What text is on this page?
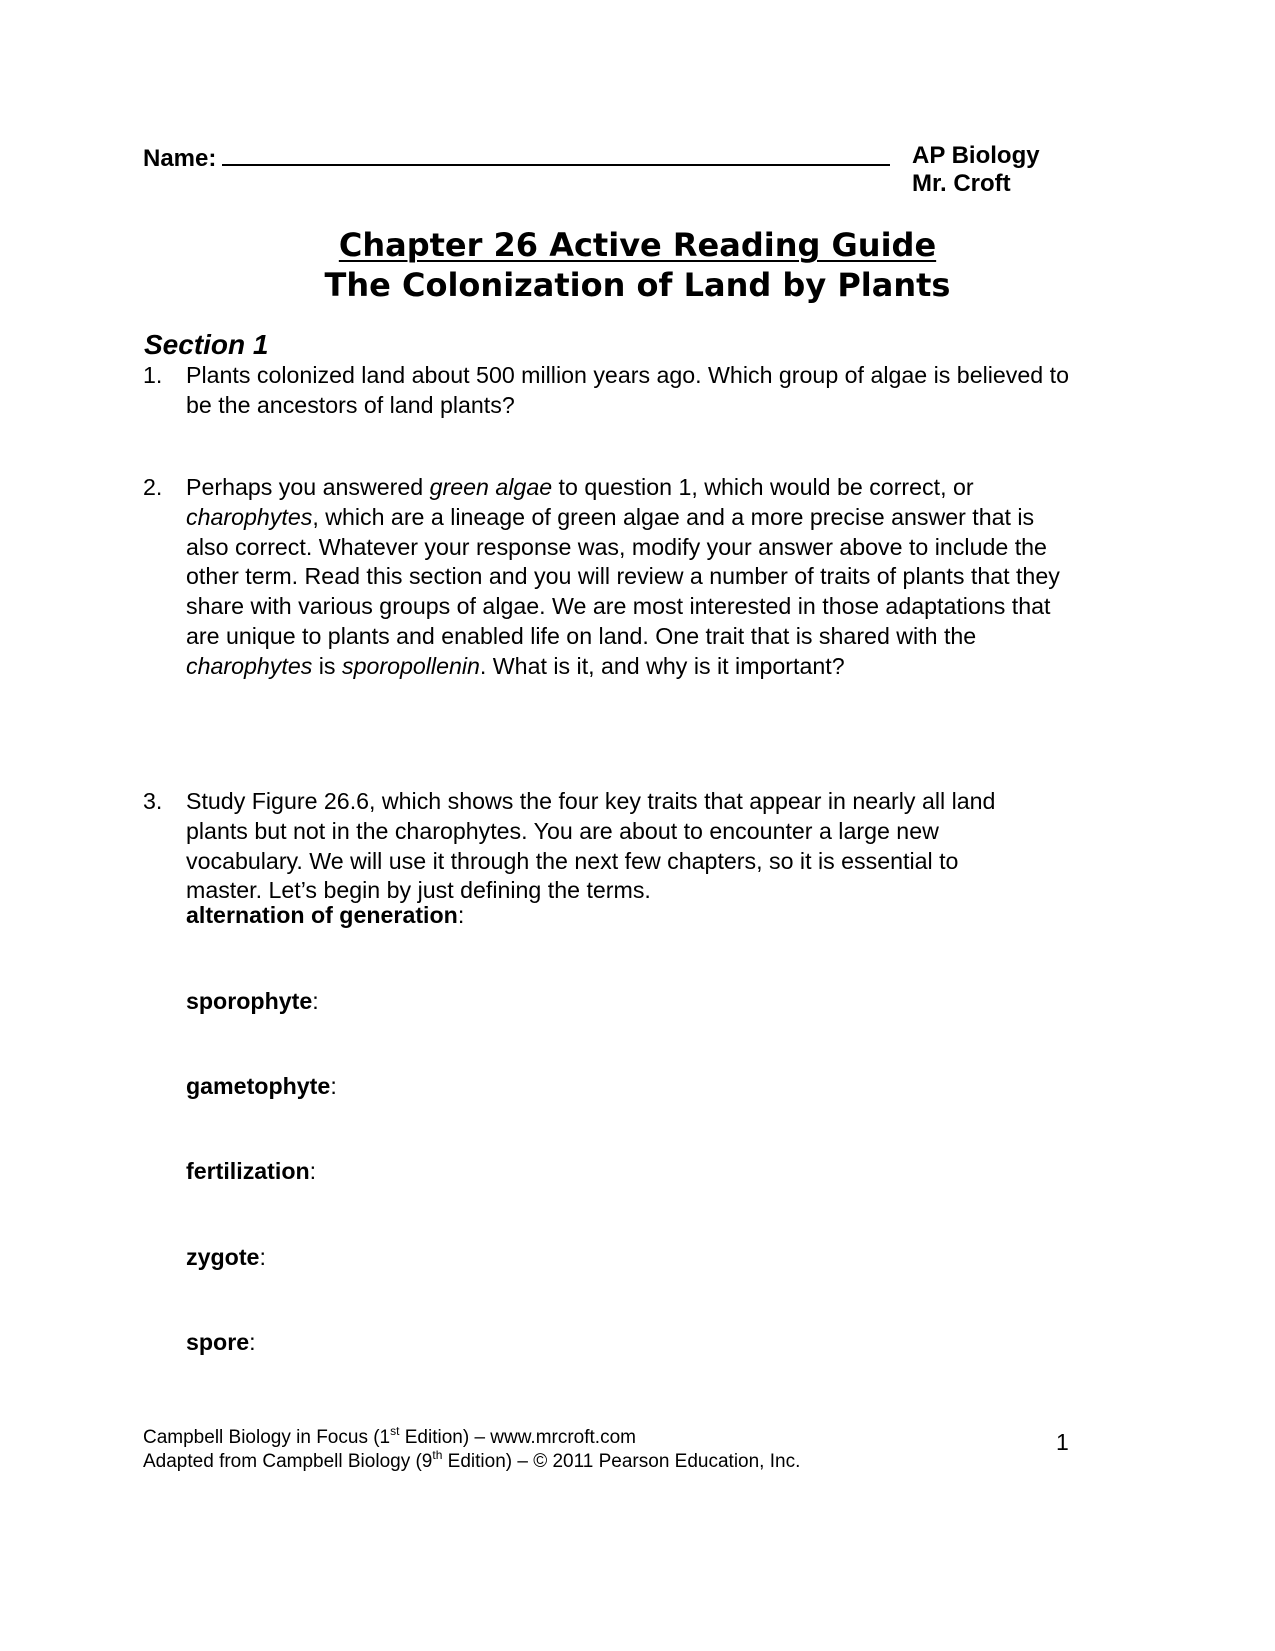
Name:	AP Biology
Mr. Croft
Chapter 26 Active Reading Guide
The Colonization of Land by Plants
Section 1
1. Plants colonized land about 500 million years ago. Which group of algae is believed to be the ancestors of land plants?
2. Perhaps you answered green algae to question 1, which would be correct, or charophytes, which are a lineage of green algae and a more precise answer that is also correct. Whatever your response was, modify your answer above to include the other term. Read this section and you will review a number of traits of plants that they share with various groups of algae. We are most interested in those adaptations that are unique to plants and enabled life on land. One trait that is shared with the charophytes is sporopollenin. What is it, and why is it important?
3. Study Figure 26.6, which shows the four key traits that appear in nearly all land plants but not in the charophytes. You are about to encounter a large new vocabulary. We will use it through the next few chapters, so it is essential to master. Let’s begin by just defining the terms.
alternation of generation:
sporophyte:
gametophyte:
fertilization:
zygote:
spore:
Campbell Biology in Focus (1st Edition) – www.mrcroft.com
Adapted from Campbell Biology (9th Edition) – © 2011 Pearson Education, Inc.
1
